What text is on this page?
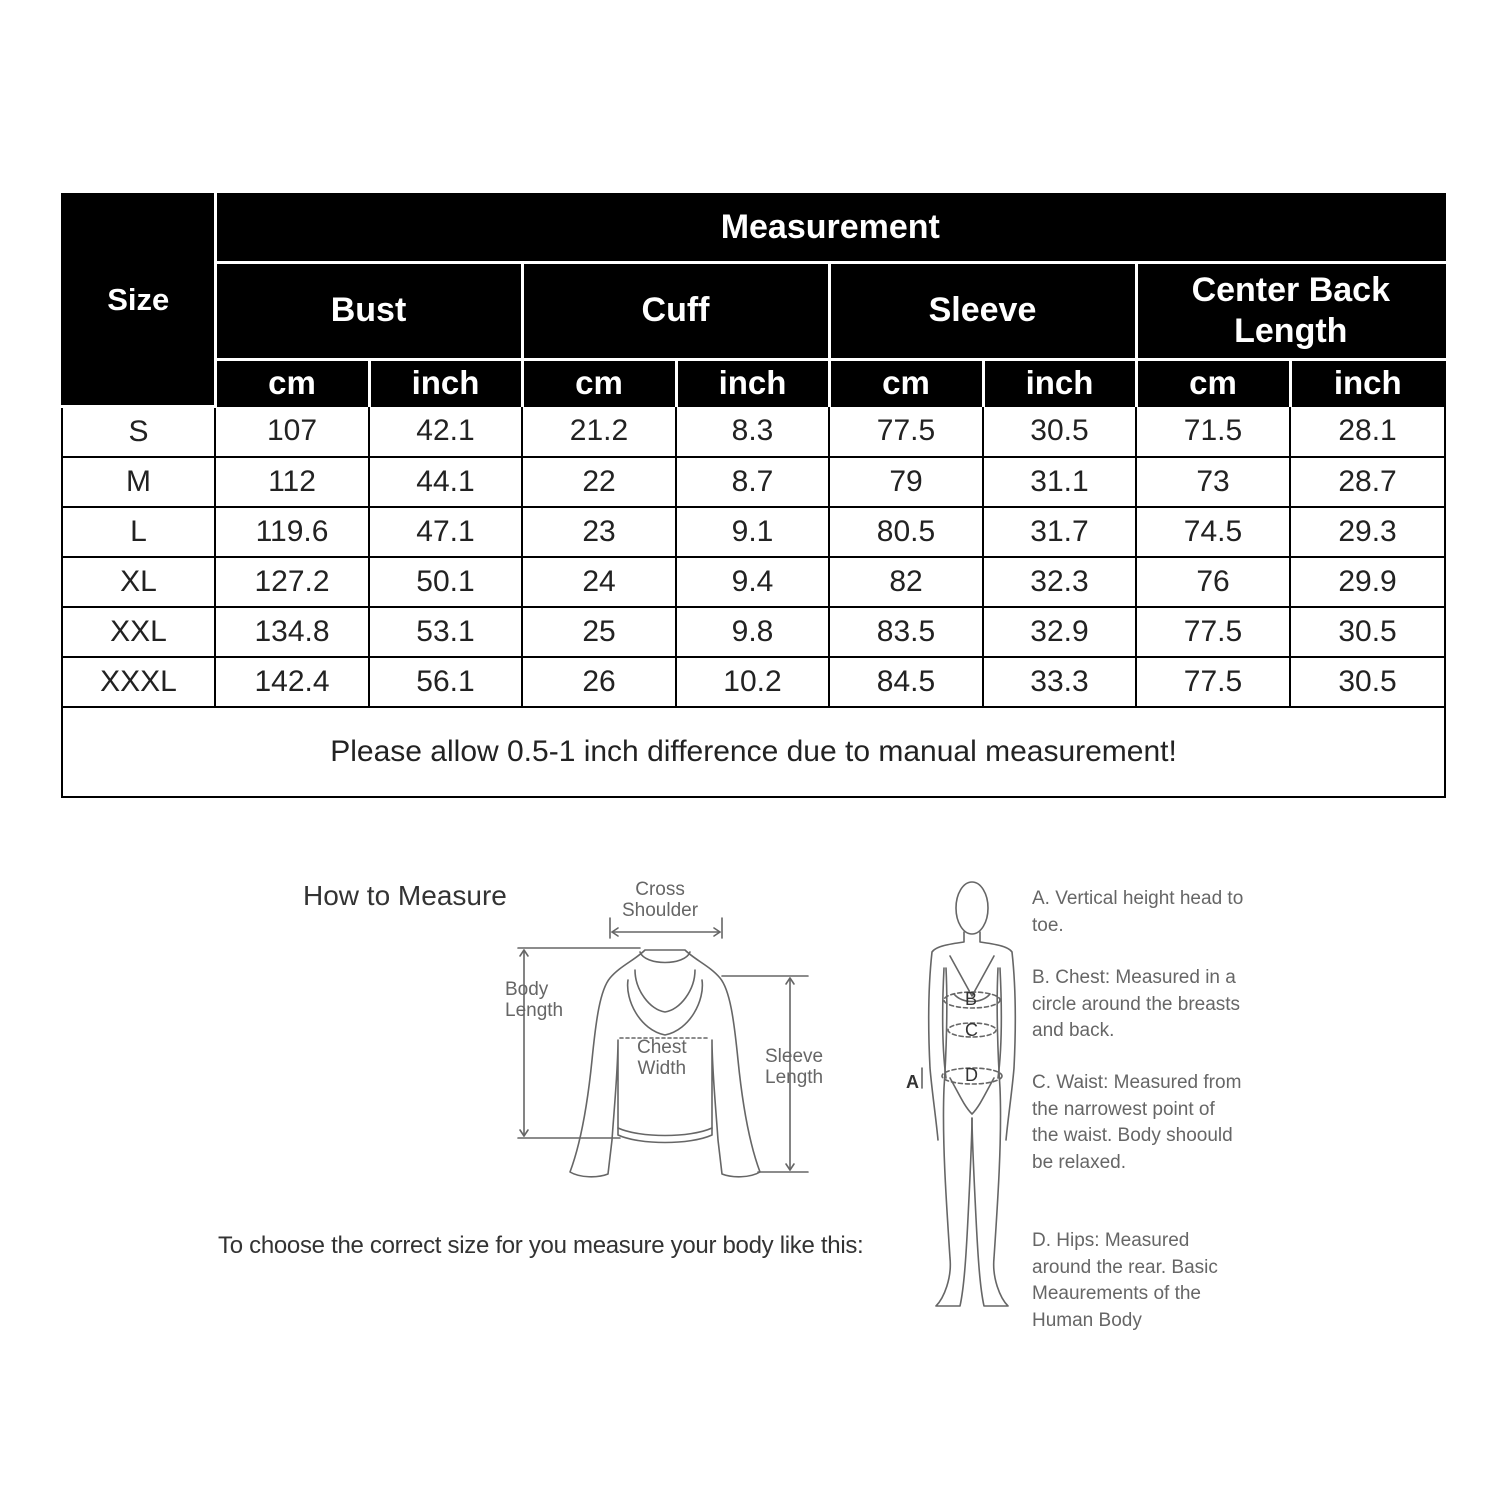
Size	Measurement							
	Bust		Cuff		Sleeve		Center Back Length	
	cm	inch	cm	inch	cm	inch	cm	inch
S	107	42.1	21.2	8.3	77.5	30.5	71.5	28.1
M	112	44.1	22	8.7	79	31.1	73	28.7
L	119.6	47.1	23	9.1	80.5	31.7	74.5	29.3
XL	127.2	50.1	24	9.4	82	32.3	76	29.9
XXL	134.8	53.1	25	9.8	83.5	32.9	77.5	30.5
XXXL	142.4	56.1	26	10.2	84.5	33.3	77.5	30.5
Please allow 0.5-1 inch difference due to manual measurement!								
How to Measure
To choose the correct size for you measure your body like this:
Cross
Shoulder
Body
Length
Chest
Width
Sleeve
Length	A
B
C
D
A. Vertical height head to toe.
B. Chest: Measured in a circle around the breasts and back.
C. Waist: Measured from the narrowest point of the waist. Body shoould be relaxed.
D. Hips: Measured around the rear. Basic Meaurements of the Human Body
